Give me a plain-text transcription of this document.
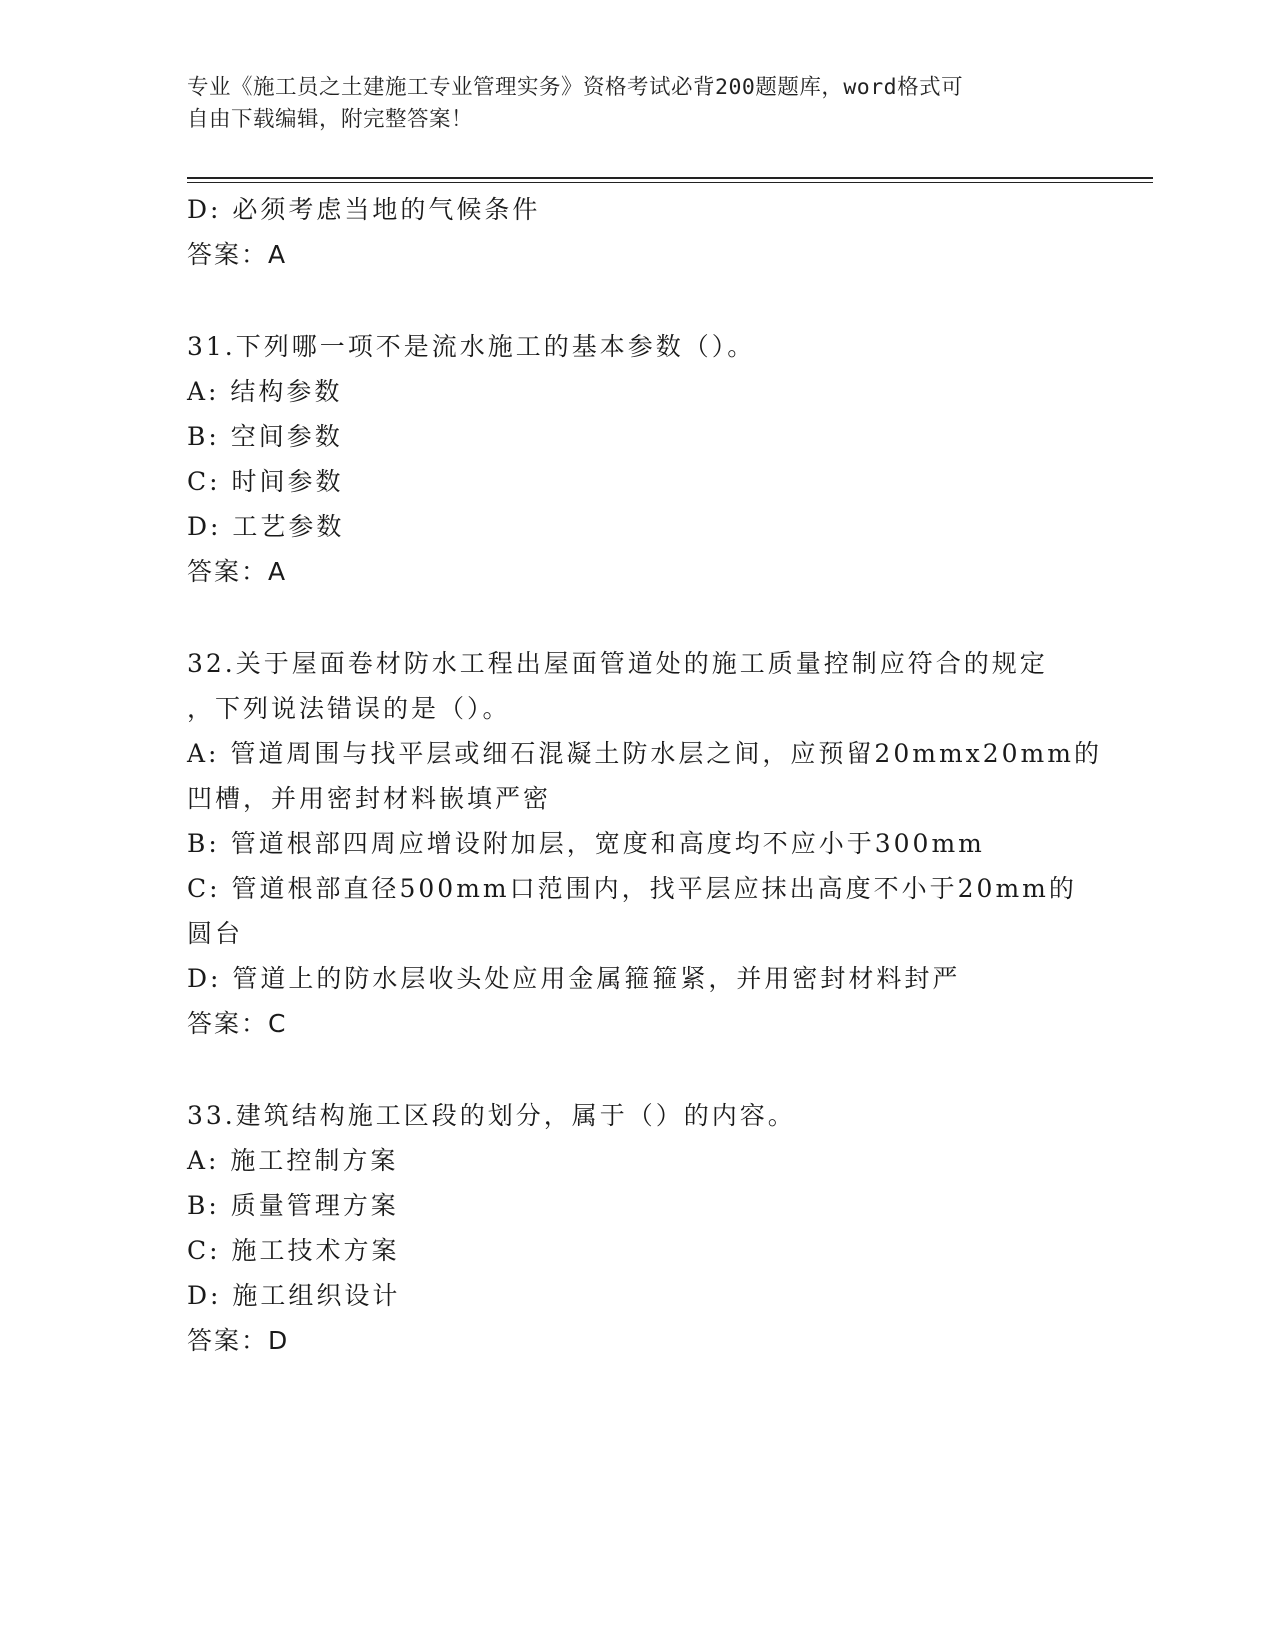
专业《施工员之土建施工专业管理实务》资格考试必背200题题库，word格式可
自由下载编辑，附完整答案！
D: 必须考虑当地的气候条件
答案：A
31.下列哪一项不是流水施工的基本参数（）。
A: 结构参数
B: 空间参数
C: 时间参数
D: 工艺参数
答案：A
32.关于屋面卷材防水工程出屋面管道处的施工质量控制应符合的规定
，下列说法错误的是（）。
A: 管道周围与找平层或细石混凝土防水层之间，应预留20mmx20mm的
凹槽，并用密封材料嵌填严密
B: 管道根部四周应增设附加层，宽度和高度均不应小于300mm
C: 管道根部直径500mm口范围内，找平层应抹出高度不小于20mm的
圆台
D: 管道上的防水层收头处应用金属箍箍紧，并用密封材料封严
答案：C
33.建筑结构施工区段的划分，属于（）的内容。
A: 施工控制方案
B: 质量管理方案
C: 施工技术方案
D: 施工组织设计
答案：D
